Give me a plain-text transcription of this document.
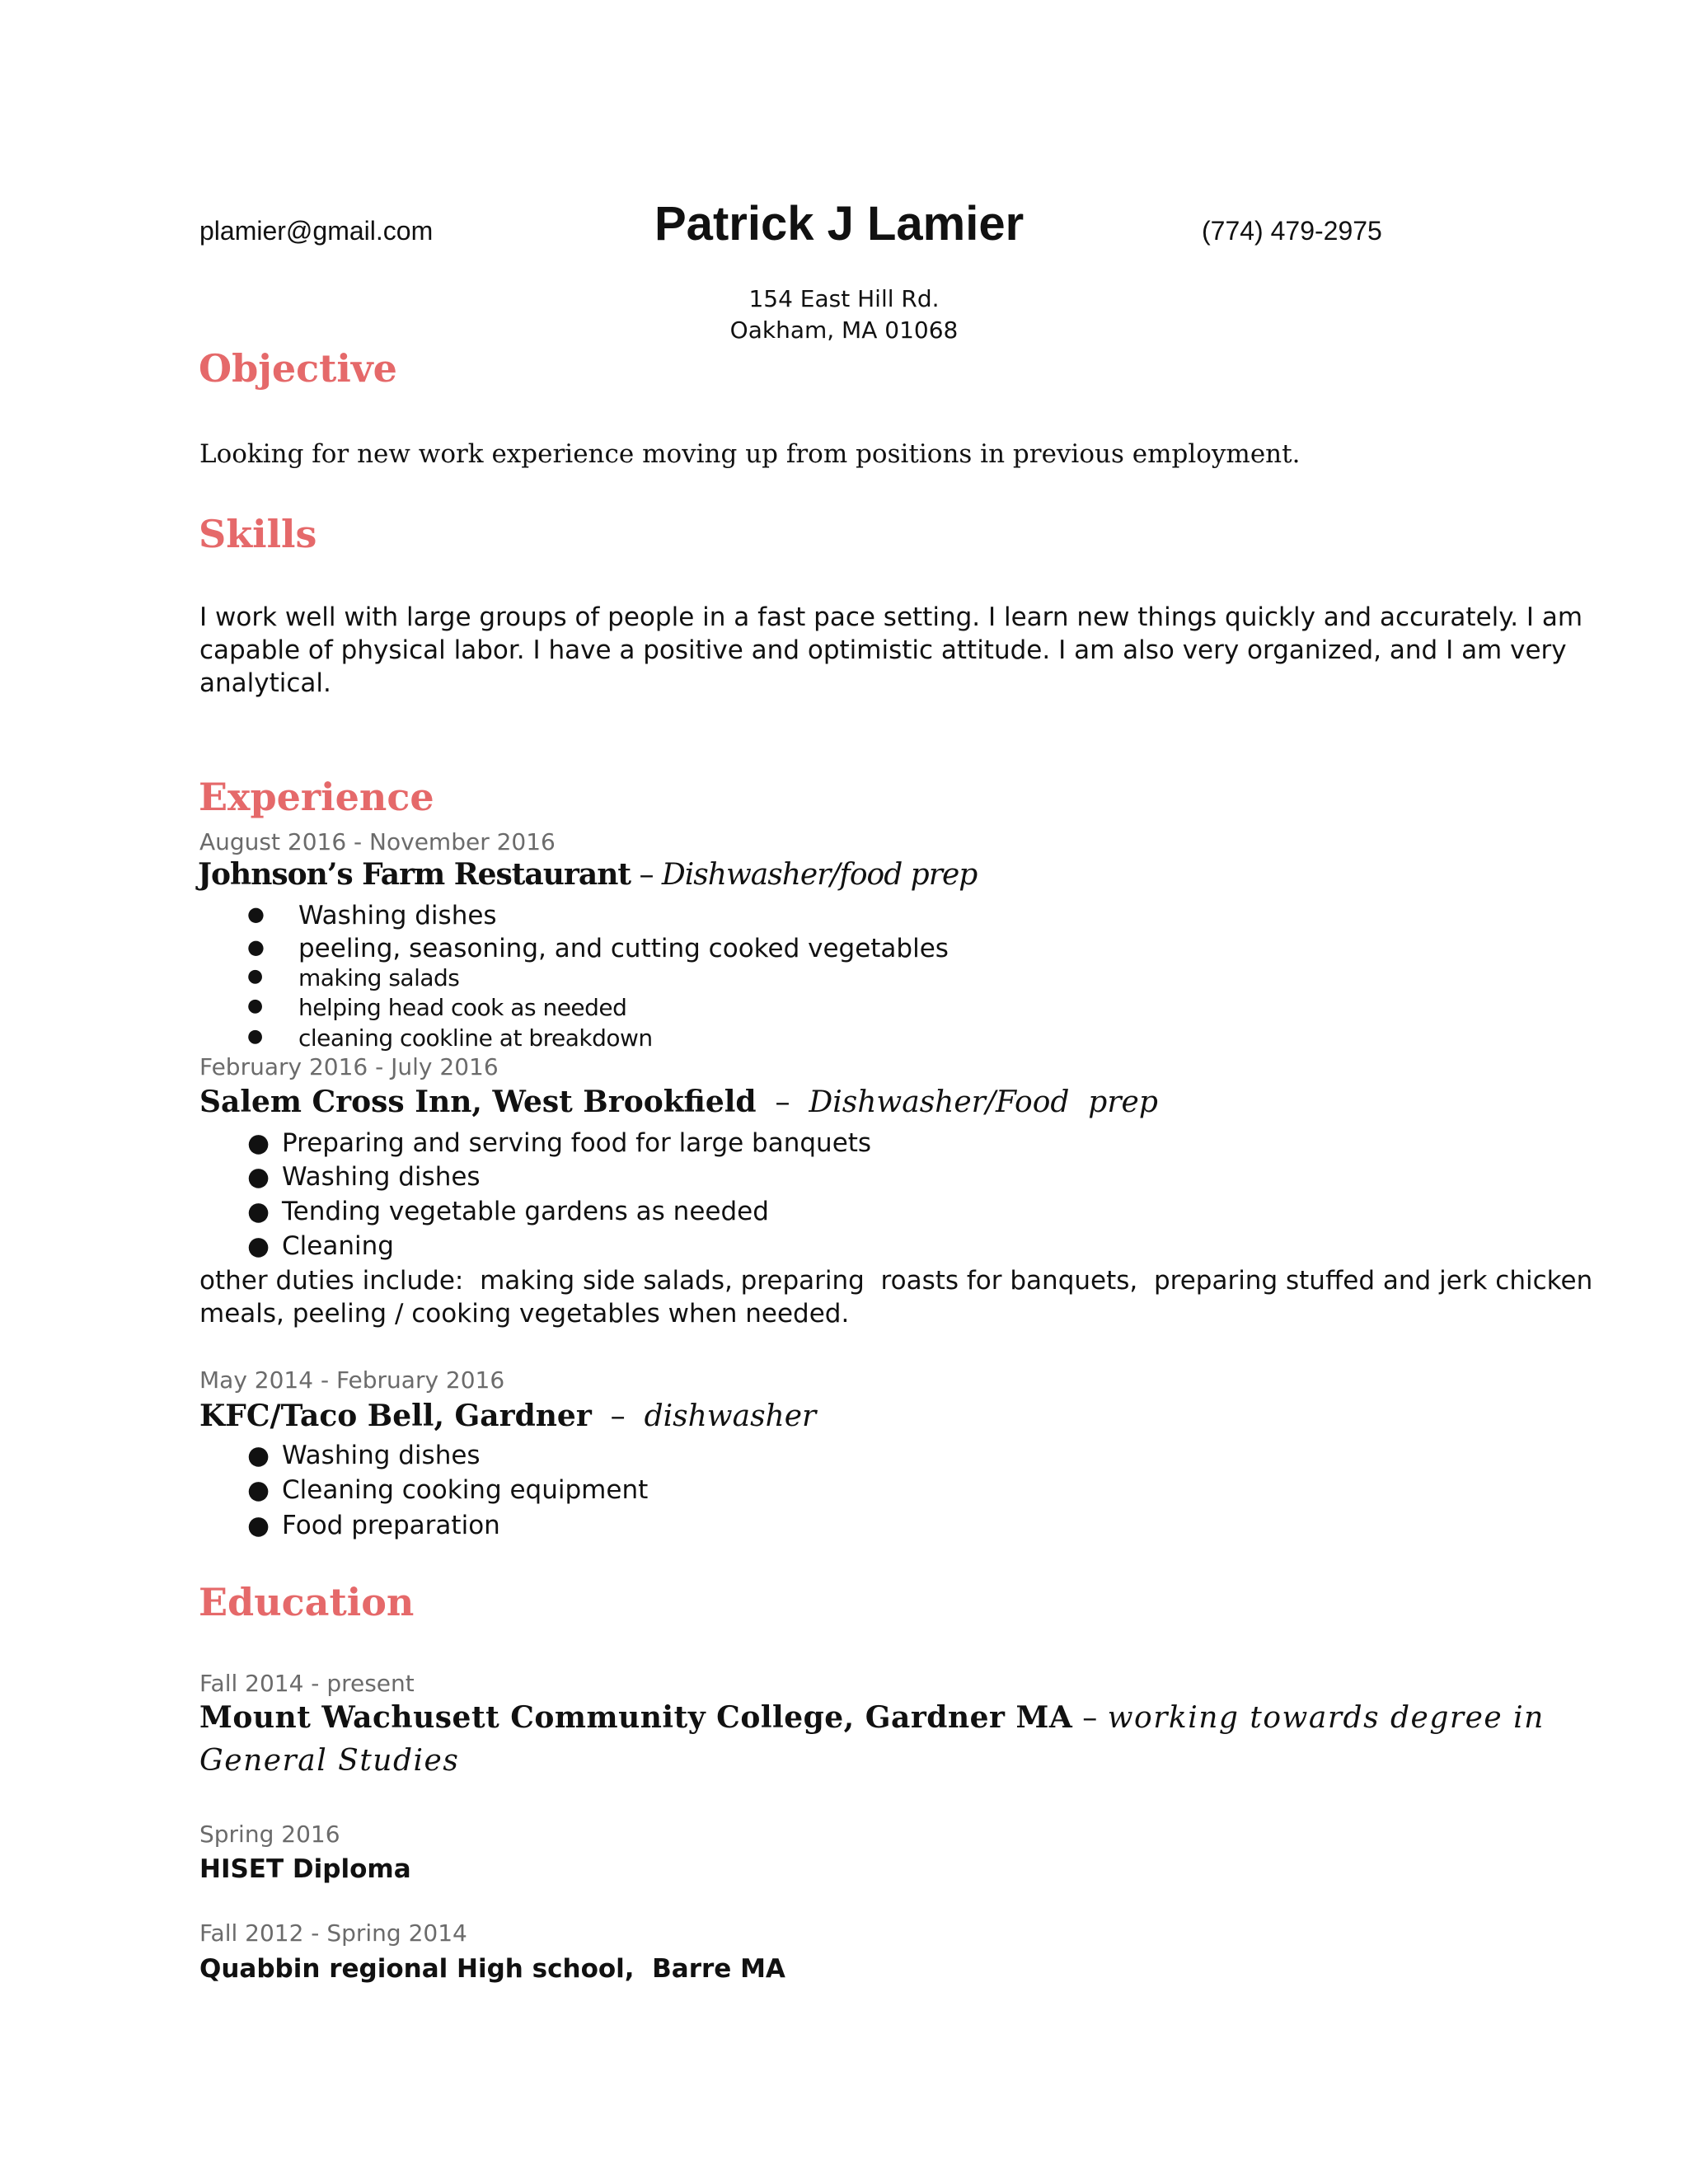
plamier@gmail.com	Patrick J Lamier	(774) 479-2975
154 East Hill Rd.
Oakham, MA 01068
Objective
Looking for new work experience moving up from positions in previous employment.
Skills
I work well with large groups of people in a fast pace setting. I learn new things quickly and accurately. I am
capable of physical labor. I have a positive and optimistic attitude. I am also very organized, and I am very
analytical.
Experience
August 2016 - November 2016
Johnson’s Farm Restaurant – Dishwasher/food prep
● Washing dishes
● peeling, seasoning, and cutting cooked vegetables
● making salads
● helping head cook as needed
● cleaning cookline at breakdown
February 2016 - July 2016
Salem Cross Inn, West Brookfield  –  Dishwasher/Food  prep
● Preparing and serving food for large banquets
● Washing dishes
● Tending vegetable gardens as needed
● Cleaning
other duties include:  making side salads, preparing  roasts for banquets,  preparing stuffed and jerk chicken
meals, peeling / cooking vegetables when needed.
May 2014 - February 2016
KFC/Taco Bell, Gardner  –  dishwasher
● Washing dishes
● Cleaning cooking equipment
● Food preparation
Education
Fall 2014 - present
Mount Wachusett Community College, Gardner MA – working towards degree in
General Studies
Spring 2016
HISET Diploma
Fall 2012 - Spring 2014
Quabbin regional High school,  Barre MA
